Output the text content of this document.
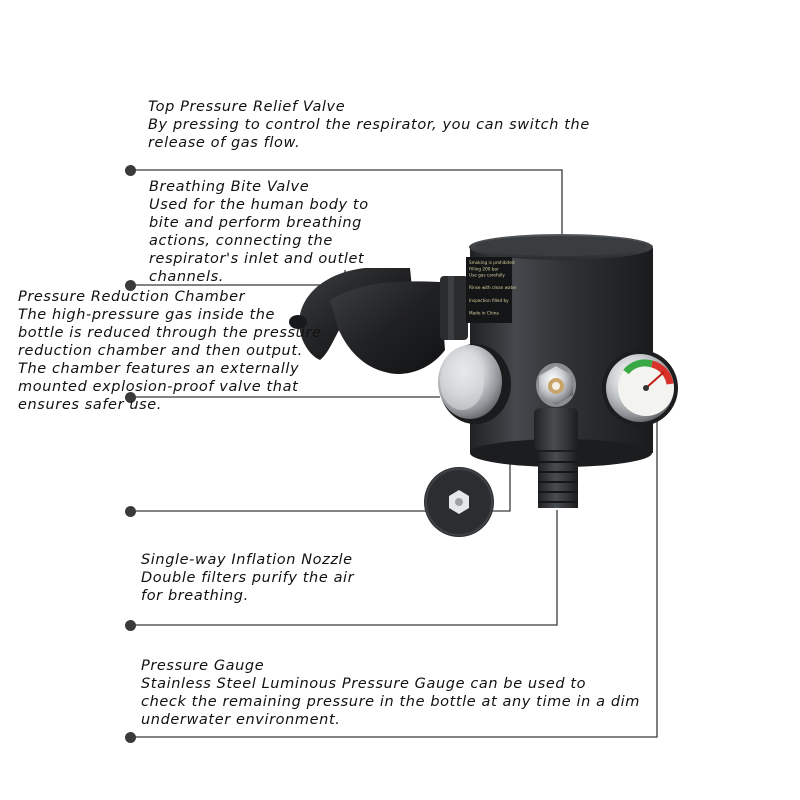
Smoking is prohibited Filling 200 bar Use gas carefully Rinse with clean water Inspection filled by Made in China
Top Pressure Relief Valve
By pressing to control the respirator, you can switch the
release of gas flow.
Breathing Bite Valve
Used for the human body to
bite and perform breathing
actions, connecting the
respirator's inlet and outlet
channels.
Pressure Reduction Chamber
The high-pressure gas inside the
bottle is reduced through the pressure
reduction chamber and then output.
The chamber features an externally
mounted explosion-proof valve that
ensures safer use.
Single-way Inflation Nozzle
Double filters purify the air
for breathing.
Pressure Gauge
Stainless Steel Luminous Pressure Gauge can be used to
check the remaining pressure in the bottle at any time in a dim
underwater environment.
